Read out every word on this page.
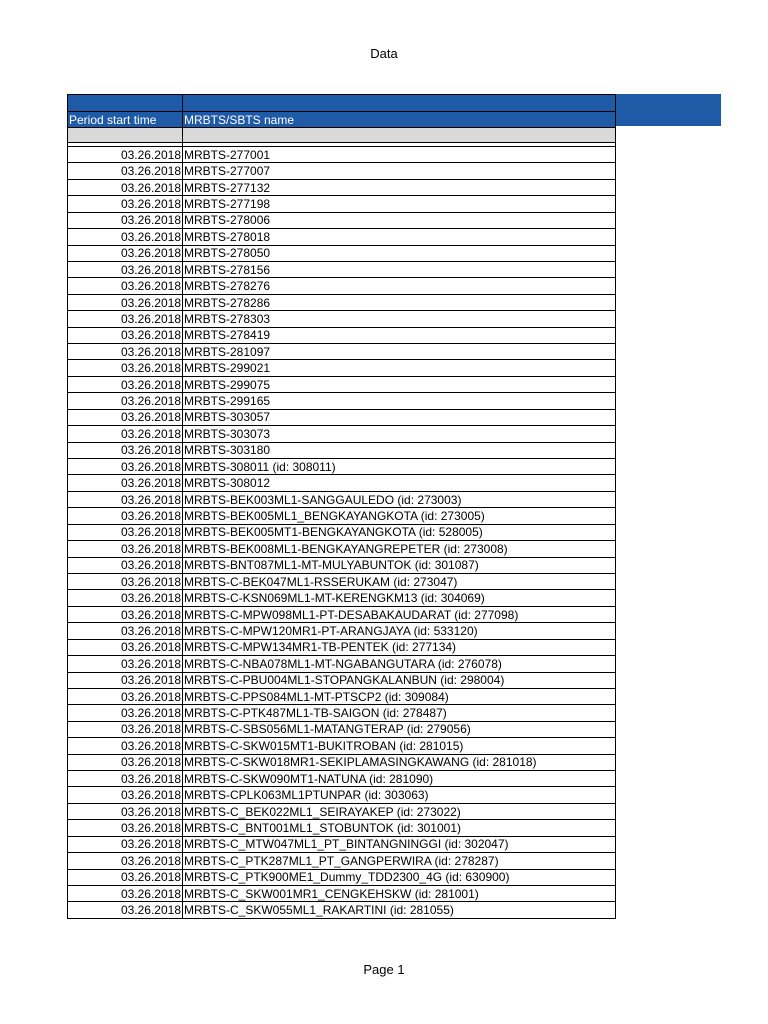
Data

Period start time	MRBTS/SBTS name

03.26.2018	MRBTS-277001
03.26.2018	MRBTS-277007
03.26.2018	MRBTS-277132
03.26.2018	MRBTS-277198
03.26.2018	MRBTS-278006
03.26.2018	MRBTS-278018
03.26.2018	MRBTS-278050
03.26.2018	MRBTS-278156
03.26.2018	MRBTS-278276
03.26.2018	MRBTS-278286
03.26.2018	MRBTS-278303
03.26.2018	MRBTS-278419
03.26.2018	MRBTS-281097
03.26.2018	MRBTS-299021
03.26.2018	MRBTS-299075
03.26.2018	MRBTS-299165
03.26.2018	MRBTS-303057
03.26.2018	MRBTS-303073
03.26.2018	MRBTS-303180
03.26.2018	MRBTS-308011 (id: 308011)
03.26.2018	MRBTS-308012
03.26.2018	MRBTS-BEK003ML1-SANGGAULEDO (id: 273003)
03.26.2018	MRBTS-BEK005ML1_BENGKAYANGKOTA (id: 273005)
03.26.2018	MRBTS-BEK005MT1-BENGKAYANGKOTA (id: 528005)
03.26.2018	MRBTS-BEK008ML1-BENGKAYANGREPETER (id: 273008)
03.26.2018	MRBTS-BNT087ML1-MT-MULYABUNTOK (id: 301087)
03.26.2018	MRBTS-C-BEK047ML1-RSSERUKAM (id: 273047)
03.26.2018	MRBTS-C-KSN069ML1-MT-KERENGKM13 (id: 304069)
03.26.2018	MRBTS-C-MPW098ML1-PT-DESABAKAUDARAT (id: 277098)
03.26.2018	MRBTS-C-MPW120MR1-PT-ARANGJAYA (id: 533120)
03.26.2018	MRBTS-C-MPW134MR1-TB-PENTEK (id: 277134)
03.26.2018	MRBTS-C-NBA078ML1-MT-NGABANGUTARA (id: 276078)
03.26.2018	MRBTS-C-PBU004ML1-STOPANGKALANBUN (id: 298004)
03.26.2018	MRBTS-C-PPS084ML1-MT-PTSCP2 (id: 309084)
03.26.2018	MRBTS-C-PTK487ML1-TB-SAIGON (id: 278487)
03.26.2018	MRBTS-C-SBS056ML1-MATANGTERAP (id: 279056)
03.26.2018	MRBTS-C-SKW015MT1-BUKITROBAN (id: 281015)
03.26.2018	MRBTS-C-SKW018MR1-SEKIPLAMASINGKAWANG (id: 281018)
03.26.2018	MRBTS-C-SKW090MT1-NATUNA (id: 281090)
03.26.2018	MRBTS-CPLK063ML1PTUNPAR (id: 303063)
03.26.2018	MRBTS-C_BEK022ML1_SEIRAYAKEP (id: 273022)
03.26.2018	MRBTS-C_BNT001ML1_STOBUNTOK (id: 301001)
03.26.2018	MRBTS-C_MTW047ML1_PT_BINTANGNINGGI (id: 302047)
03.26.2018	MRBTS-C_PTK287ML1_PT_GANGPERWIRA (id: 278287)
03.26.2018	MRBTS-C_PTK900ME1_Dummy_TDD2300_4G (id: 630900)
03.26.2018	MRBTS-C_SKW001MR1_CENGKEHSKW (id: 281001)
03.26.2018	MRBTS-C_SKW055ML1_RAKARTINI (id: 281055)
Page 1
